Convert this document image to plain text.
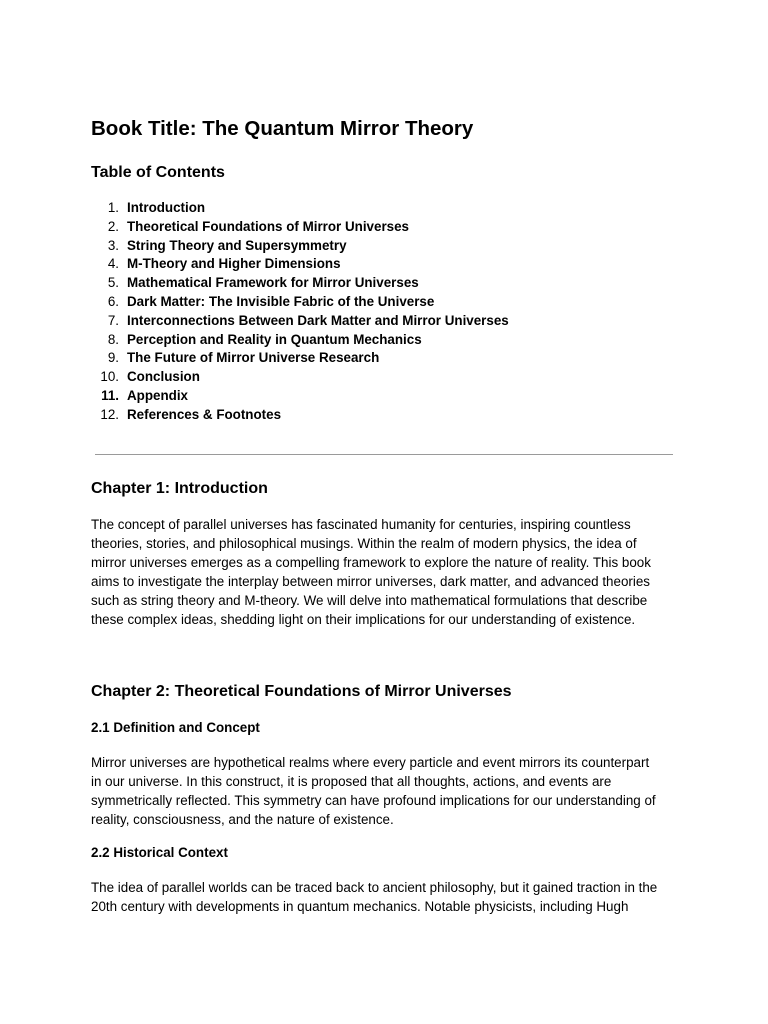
Book Title: The Quantum Mirror Theory
Table of Contents
1. Introduction
2. Theoretical Foundations of Mirror Universes
3. String Theory and Supersymmetry
4. M-Theory and Higher Dimensions
5. Mathematical Framework for Mirror Universes
6. Dark Matter: The Invisible Fabric of the Universe
7. Interconnections Between Dark Matter and Mirror Universes
8. Perception and Reality in Quantum Mechanics
9. The Future of Mirror Universe Research
10. Conclusion
11. Appendix
12. References & Footnotes
Chapter 1: Introduction

The concept of parallel universes has fascinated humanity for centuries, inspiring countless
theories, stories, and philosophical musings. Within the realm of modern physics, the idea of
mirror universes emerges as a compelling framework to explore the nature of reality. This book
aims to investigate the interplay between mirror universes, dark matter, and advanced theories
such as string theory and M-theory. We will delve into mathematical formulations that describe
these complex ideas, shedding light on their implications for our understanding of existence.

Chapter 2: Theoretical Foundations of Mirror Universes
2.1 Definition and Concept

Mirror universes are hypothetical realms where every particle and event mirrors its counterpart
in our universe. In this construct, it is proposed that all thoughts, actions, and events are
symmetrically reflected. This symmetry can have profound implications for our understanding of
reality, consciousness, and the nature of existence.

2.2 Historical Context

The idea of parallel worlds can be traced back to ancient philosophy, but it gained traction in the
20th century with developments in quantum mechanics. Notable physicists, including Hugh
